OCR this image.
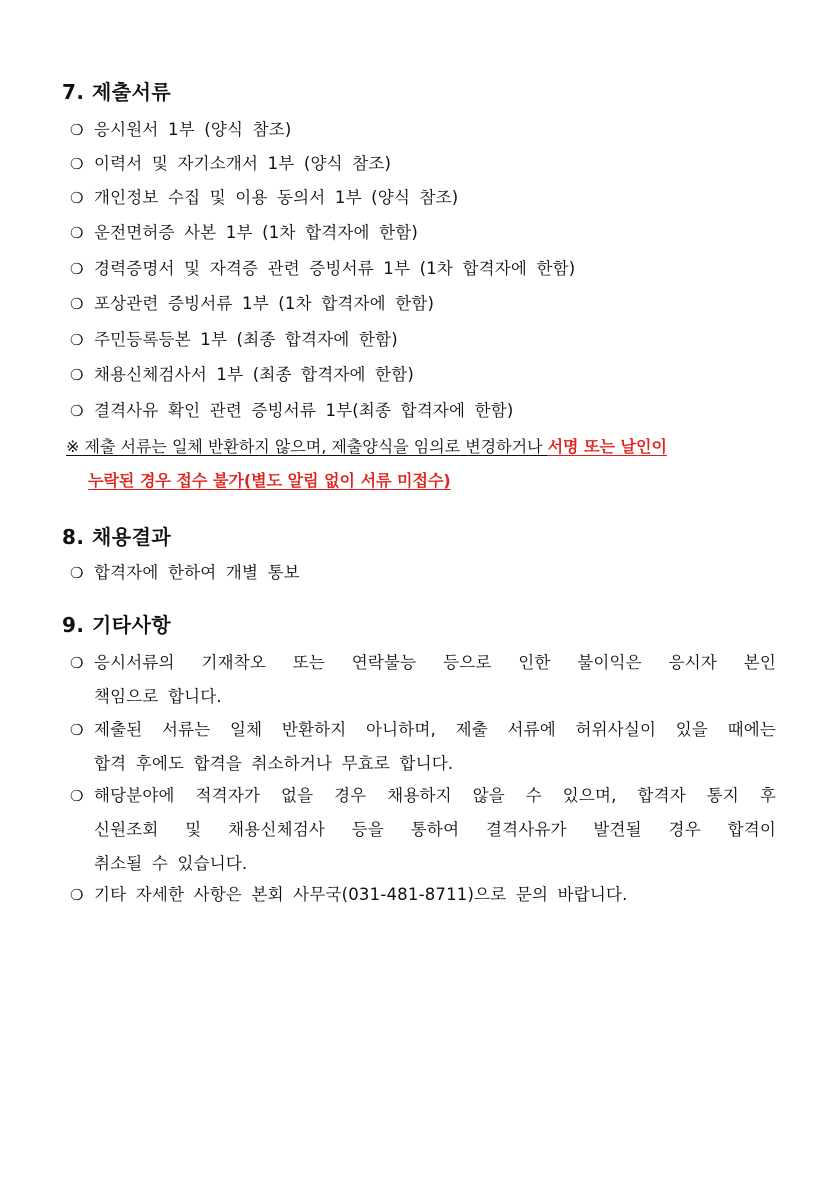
7. 제출서류
❍ 응시원서 1부 (양식 참조)
❍ 이력서 및 자기소개서 1부 (양식 참조)
❍ 개인정보 수집 및 이용 동의서 1부 (양식 참조)
❍ 운전면허증 사본 1부 (1차 합격자에 한함)
❍ 경력증명서 및 자격증 관련 증빙서류 1부 (1차 합격자에 한함)
❍ 포상관련 증빙서류 1부 (1차 합격자에 한함)
❍ 주민등록등본 1부 (최종 합격자에 한함)
❍ 채용신체검사서 1부 (최종 합격자에 한함)
❍ 결격사유 확인 관련 증빙서류 1부(최종 합격자에 한함)
※ 제출 서류는 일체 반환하지 않으며, 제출양식을 임의로 변경하거나 서명 또는 날인이
누락된 경우 접수 불가(별도 알림 없이 서류 미접수)
8. 채용결과
❍ 합격자에 한하여 개별 통보
9. 기타사항
❍ 응시서류의 기재착오 또는 연락불능 등으로 인한 불이익은 응시자 본인
책임으로 합니다.
❍ 제출된 서류는 일체 반환하지 아니하며, 제출 서류에 허위사실이 있을 때에는
합격 후에도 합격을 취소하거나 무효로 합니다.
❍ 해당분야에 적격자가 없을 경우 채용하지 않을 수 있으며, 합격자 통지 후
신원조회 및 채용신체검사 등을 통하여 결격사유가 발견될 경우 합격이
취소될 수 있습니다.
❍ 기타 자세한 사항은 본회 사무국(031-481-8711)으로 문의 바랍니다.
